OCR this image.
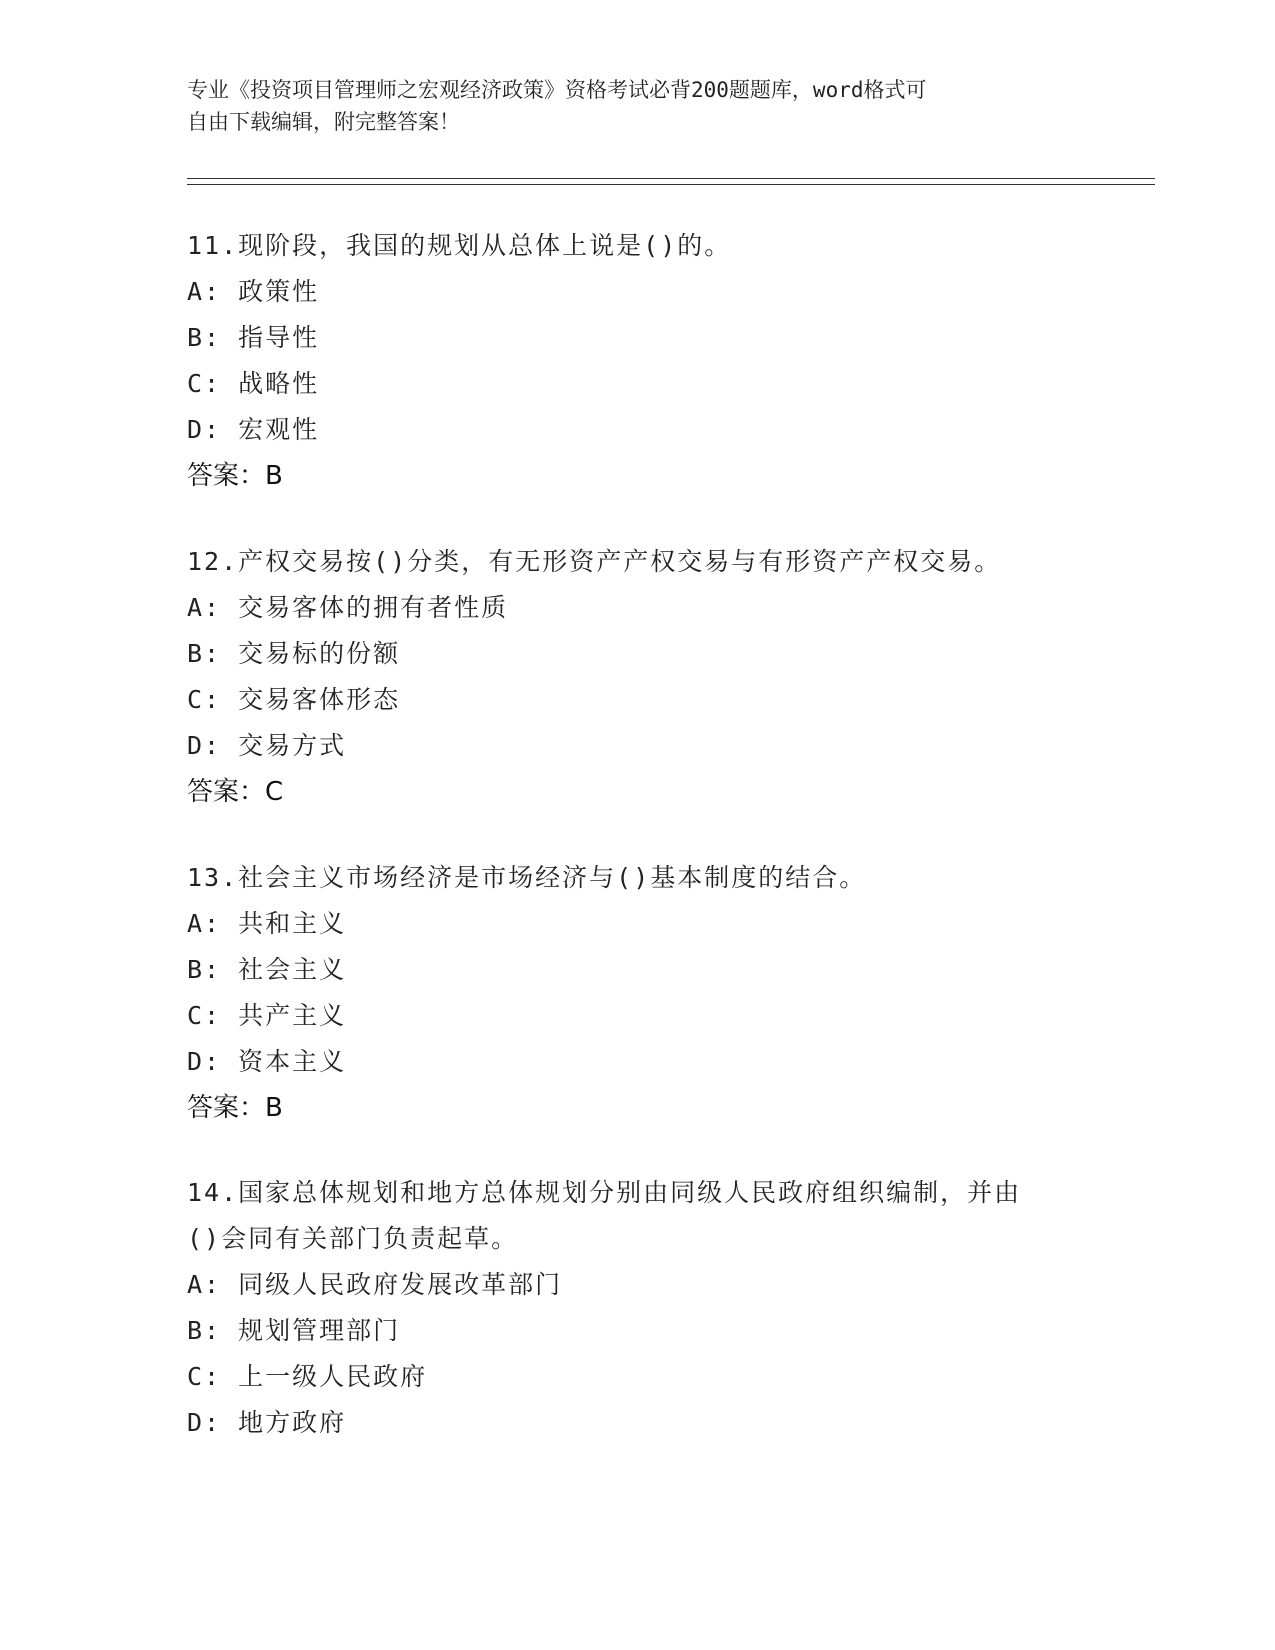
专业《投资项目管理师之宏观经济政策》资格考试必背200题题库，word格式可
自由下载编辑，附完整答案！
11.现阶段，我国的规划从总体上说是()的。
A: 政策性
B: 指导性
C: 战略性
D: 宏观性
答案：B
12.产权交易按()分类，有无形资产产权交易与有形资产产权交易。
A: 交易客体的拥有者性质
B: 交易标的份额
C: 交易客体形态
D: 交易方式
答案：C
13.社会主义市场经济是市场经济与()基本制度的结合。
A: 共和主义
B: 社会主义
C: 共产主义
D: 资本主义
答案：B
14.国家总体规划和地方总体规划分别由同级人民政府组织编制，并由
()会同有关部门负责起草。
A: 同级人民政府发展改革部门
B: 规划管理部门
C: 上一级人民政府
D: 地方政府
